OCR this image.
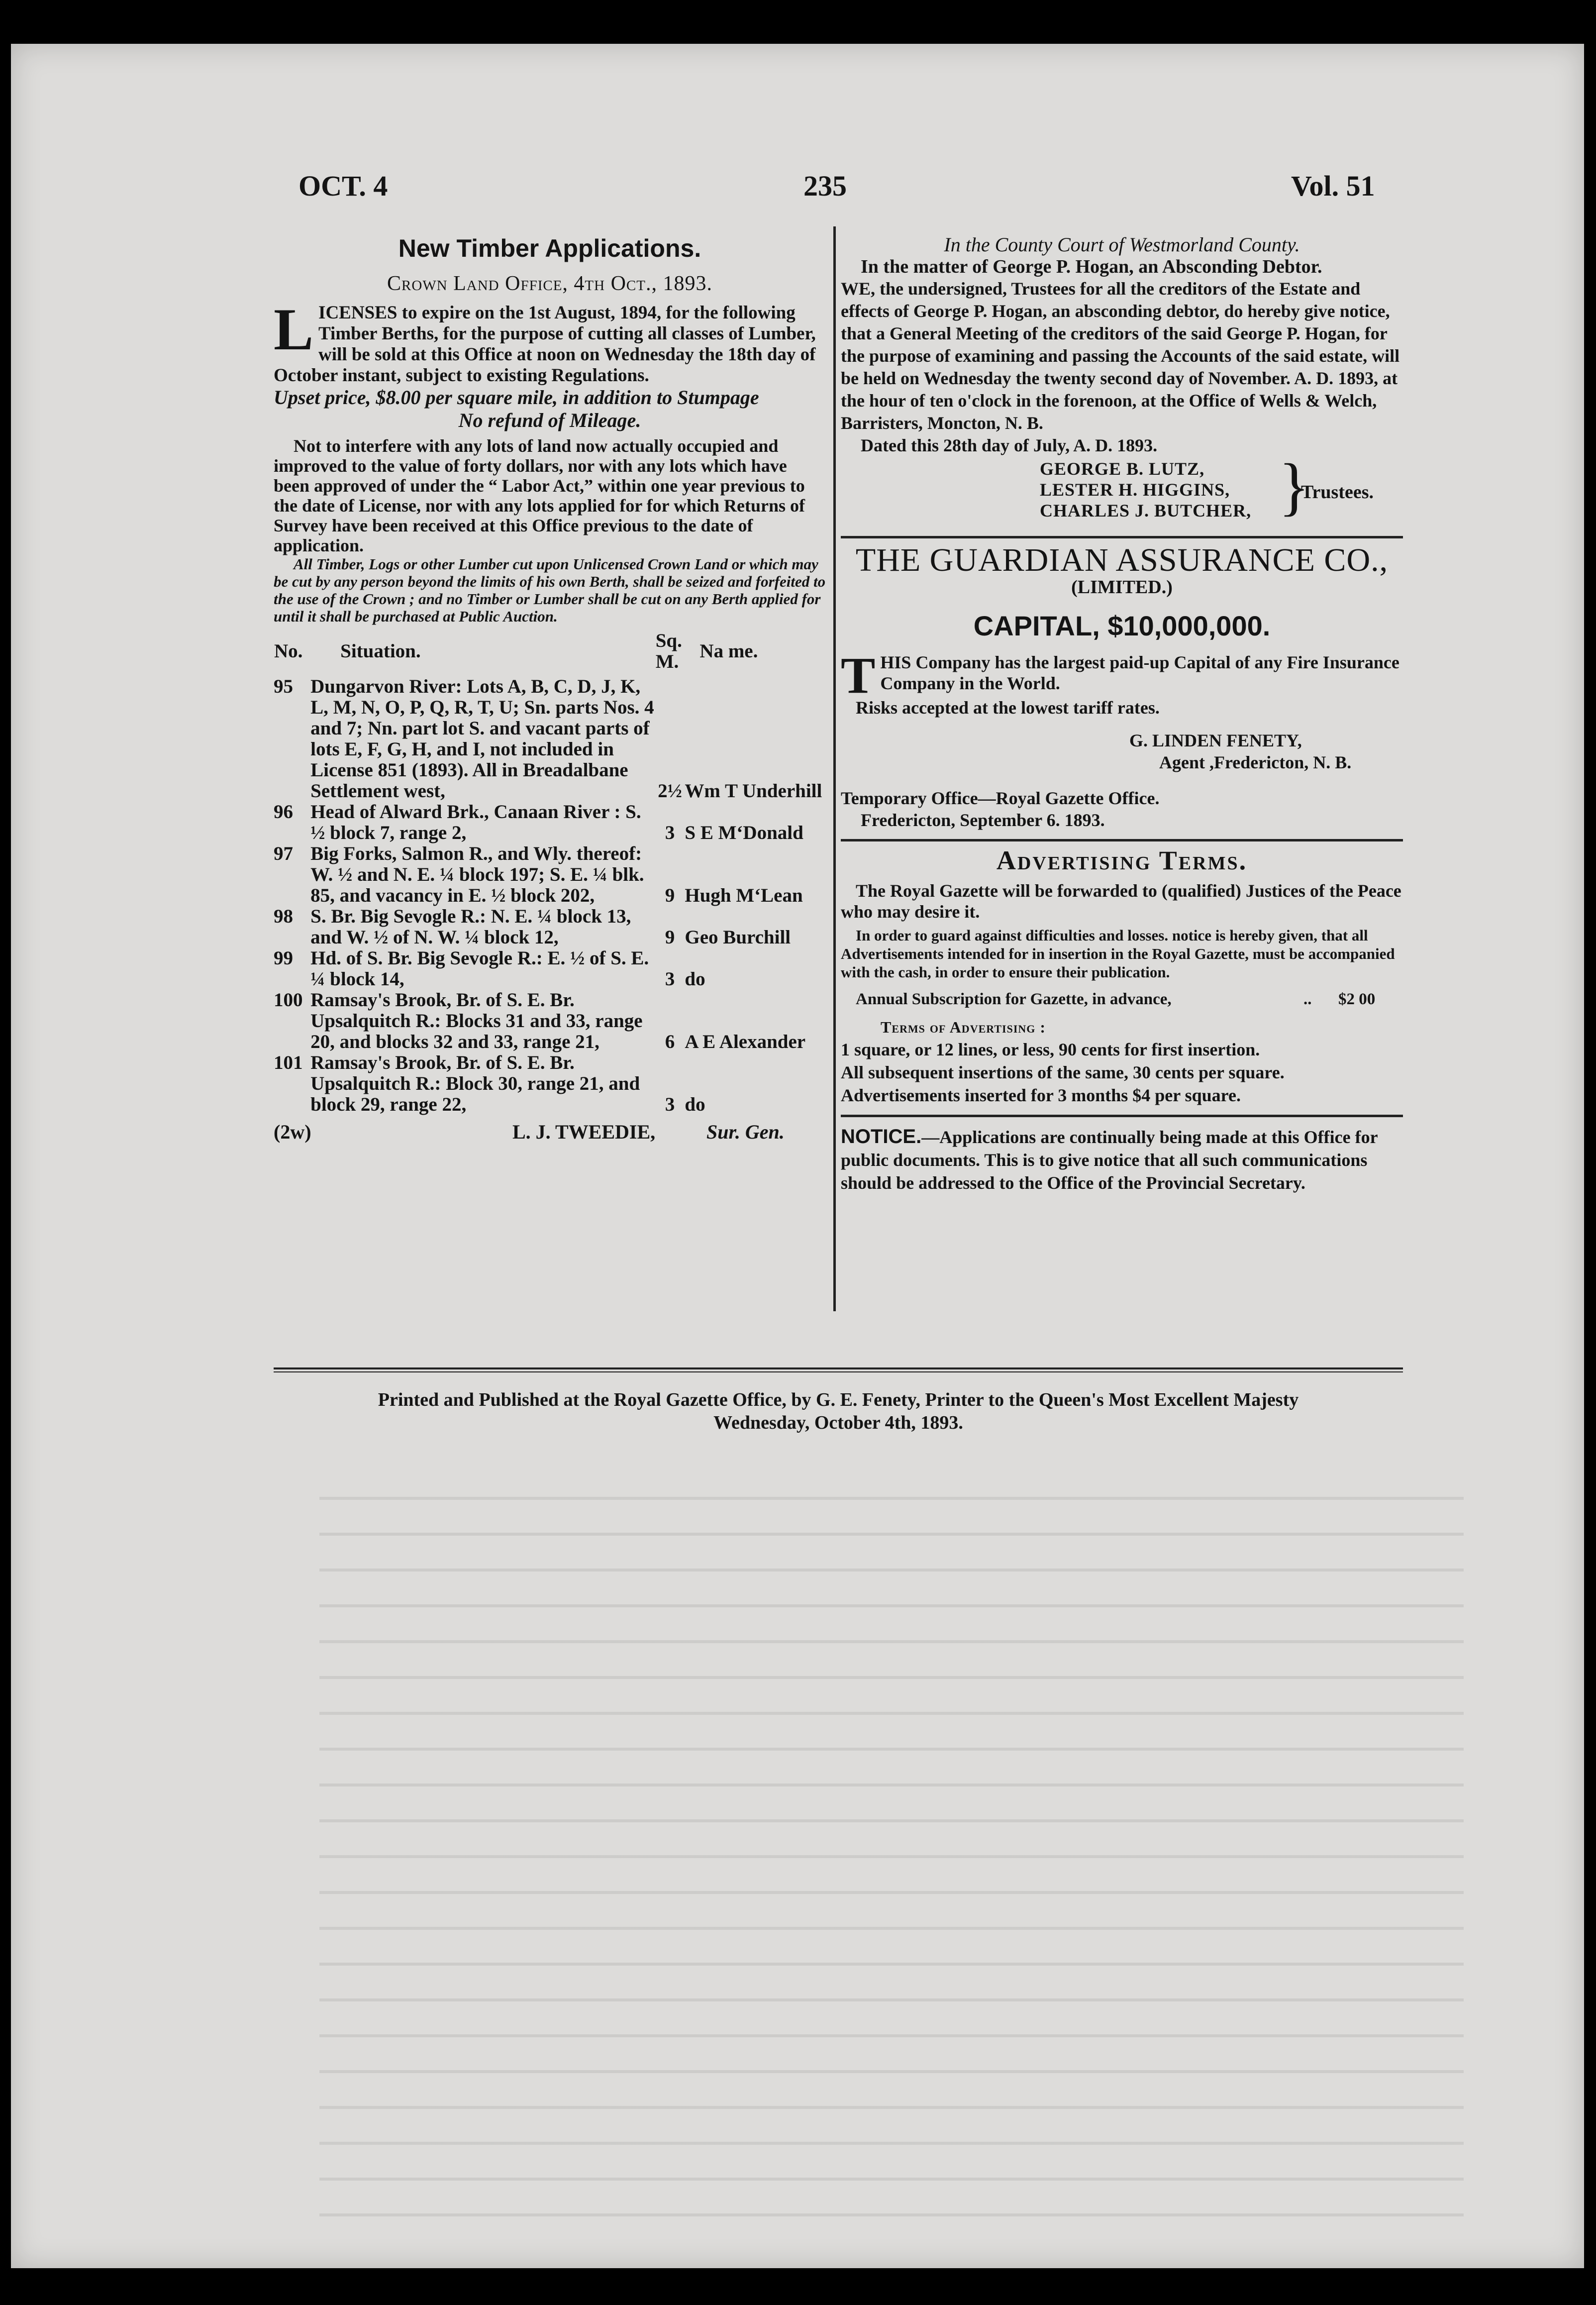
OCT. 4	235	Vol. 51
New Timber Applications.

Crown Land Office, 4th Oct., 1893.

LICENSES to expire on the 1st August, 1894, for the following Timber Berths, for the purpose of cutting all classes of Lumber, will be sold at this Office at noon on Wednesday the 18th day of October instant, subject to existing Regulations.

Upset price, $8.00 per square mile, in addition to Stumpage

No refund of Mileage.

Not to interfere with any lots of land now actually occupied and improved to the value of forty dollars, nor with any lots which have been approved of under the “ Labor Act,” within one year previous to the date of License, nor with any lots applied for for which Returns of Survey have been received at this Office previous to the date of application.

All Timber, Logs or other Lumber cut upon Unlicensed Crown Land or which may be cut by any person beyond the limits of his own Berth, shall be seized and forfeited to the use of the Crown ; and no Timber or Lumber shall be cut on any Berth applied for until it shall be purchased at Public Auction.

No.	Situation.	Sq. M.	Na me.
95	Dungarvon River: Lots A, B, C, D, J, K, L, M, N, O, P, Q, R, T, U; Sn. parts Nos. 4 and 7; Nn. part lot S. and vacant parts of lots E, F, G, H, and I, not included in License 851 (1893). All in Breadalbane Settlement west,	2½	Wm T Underhill
96	Head of Alward Brk., Canaan River : S. ½ block 7, range 2,	3	S E M‘Donald
97	Big Forks, Salmon R., and Wly. thereof: W. ½ and N. E. ¼ block 197; S. E. ¼ blk. 85, and vacancy in E. ½ block 202,	9	Hugh M‘Lean
98	S. Br. Big Sevogle R.: N. E. ¼ block 13, and W. ½ of N. W. ¼ block 12,	9	Geo Burchill
99	Hd. of S. Br. Big Sevogle R.: E. ½ of S. E. ¼ block 14,	3	do
100	Ramsay's Brook, Br. of S. E. Br. Upsalquitch R.: Blocks 31 and 33, range 20, and blocks 32 and 33, range 21,	6	A E Alexander
101	Ramsay's Brook, Br. of S. E. Br. Upsalquitch R.: Block 30, range 21, and block 29, range 22,	3	do
(2w)	L. J. TWEEDIE,	Sur. Gen.

In the County Court of Westmorland County.

In the matter of George P. Hogan, an Absconding Debtor.

WE, the undersigned, Trustees for all the creditors of the Estate and effects of George P. Hogan, an absconding debtor, do hereby give notice, that a General Meeting of the creditors of the said George P. Hogan, for the purpose of examining and passing the Accounts of the said estate, will be held on Wednesday the twenty second day of November. A. D. 1893, at the hour of ten o'clock in the forenoon, at the Office of Wells & Welch, Barristers, Moncton, N. B.

Dated this 28th day of July, A. D. 1893.

GEORGE B. LUTZ,
LESTER H. HIGGINS,
CHARLES J. BUTCHER, }
Trustees.
THE GUARDIAN ASSURANCE CO.,

(LIMITED.)

CAPITAL, $10,000,000.

THIS Company has the largest paid-up Capital of any Fire Insurance Company in the World.

Risks accepted at the lowest tariff rates.

G. LINDEN FENETY,

Agent ,Fredericton, N. B.

Temporary Office—Royal Gazette Office.

Fredericton, September 6. 1893.

Advertising Terms.

The Royal Gazette will be forwarded to (qualified) Justices of the Peace who may desire it.

In order to guard against difficulties and losses. notice is hereby given, that all Advertisements intended for in insertion in the Royal Gazette, must be accompanied with the cash, in order to ensure their publication.

Annual Subscription for Gazette, in advance,	.. $2 00

Terms of Advertising :

1 square, or 12 lines, or less, 90 cents for first insertion.

All subsequent insertions of the same, 30 cents per square.

Advertisements inserted for 3 months $4 per square.

NOTICE.—Applications are continually being made at this Office for public documents. This is to give notice that all such communications should be addressed to the Office of the Provincial Secretary.

Printed and Published at the Royal Gazette Office, by G. E. Fenety, Printer to the Queen's Most Excellent Majesty
Wednesday, October 4th, 1893.
